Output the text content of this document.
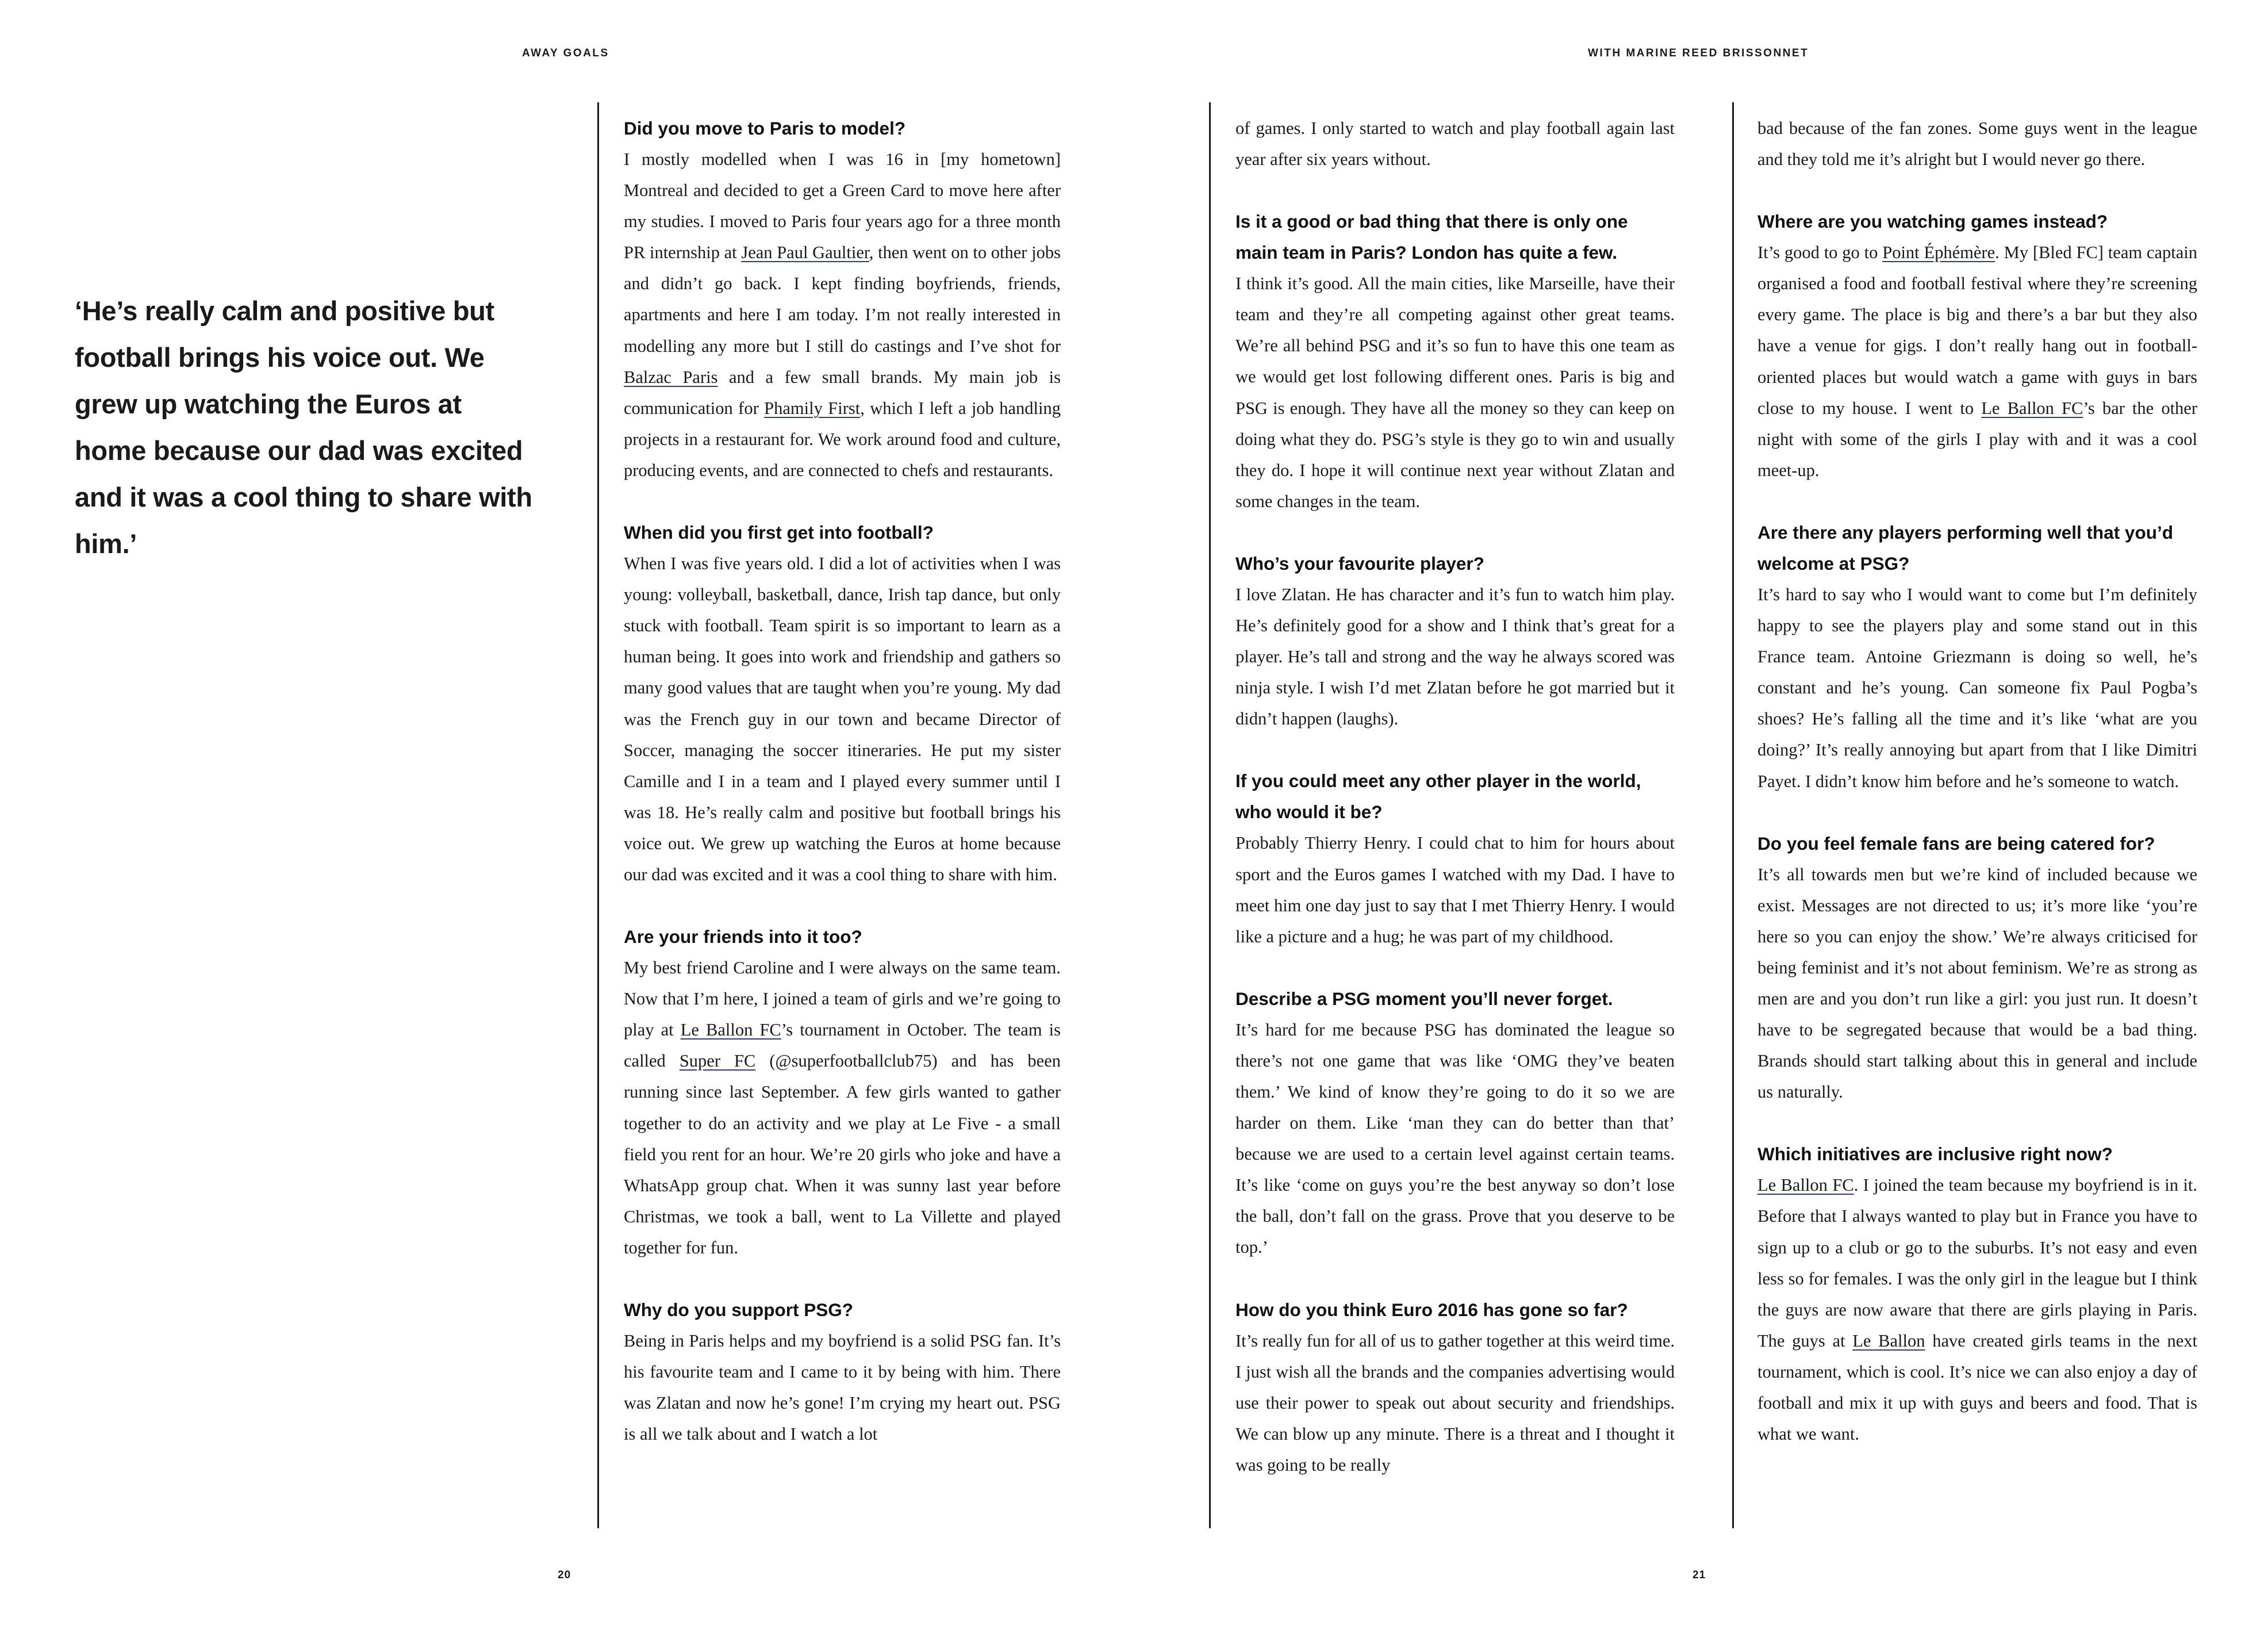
AWAY GOALS
‘He’s really calm and positive but football brings his voice out. We grew up watching the Euros at home because our dad was excited and it was a cool thing to share with him.’
Did you move to Paris to model?
I mostly modelled when I was 16 in [my hometown] Montreal and decided to get a Green Card to move here after my studies. I moved to Paris four years ago for a three month PR internship at Jean Paul Gaultier, then went on to other jobs and didn’t go back. I kept finding boyfriends, friends, apartments and here I am today. I’m not really interested in modelling any more but I still do castings and I’ve shot for Balzac Paris and a few small brands. My main job is communication for Phamily First, which I left a job handling projects in a restaurant for. We work around food and culture, producing events, and are connected to chefs and restaurants.
When did you first get into football?
When I was five years old. I did a lot of activities when I was young: volleyball, basketball, dance, Irish tap dance, but only stuck with football. Team spirit is so important to learn as a human being. It goes into work and friendship and gathers so many good values that are taught when you’re young. My dad was the French guy in our town and became Director of Soccer, managing the soccer itineraries. He put my sister Camille and I in a team and I played every summer until I was 18. He’s really calm and positive but football brings his voice out. We grew up watching the Euros at home because our dad was excited and it was a cool thing to share with him.
Are your friends into it too?
My best friend Caroline and I were always on the same team. Now that I’m here, I joined a team of girls and we’re going to play at Le Ballon FC’s tournament in October. The team is called Super FC (@superfootballclub75) and has been running since last September. A few girls wanted to gather together to do an activity and we play at Le Five - a small field you rent for an hour. We’re 20 girls who joke and have a WhatsApp group chat. When it was sunny last year before Christmas, we took a ball, went to La Villette and played together for fun.
Why do you support PSG?
Being in Paris helps and my boyfriend is a solid PSG fan. It’s his favourite team and I came to it by being with him. There was Zlatan and now he’s gone! I’m crying my heart out. PSG is all we talk about and I watch a lot
20
WITH MARINE REED BRISSONNET
21
of games. I only started to watch and play football again last year after six years without.
Is it a good or bad thing that there is only one main team in Paris? London has quite a few.
I think it’s good. All the main cities, like Marseille, have their team and they’re all competing against other great teams. We’re all behind PSG and it’s so fun to have this one team as we would get lost following different ones. Paris is big and PSG is enough. They have all the money so they can keep on doing what they do. PSG’s style is they go to win and usually they do. I hope it will continue next year without Zlatan and some changes in the team.
Who’s your favourite player?
I love Zlatan. He has character and it’s fun to watch him play. He’s definitely good for a show and I think that’s great for a player. He’s tall and strong and the way he always scored was ninja style. I wish I’d met Zlatan before he got married but it didn’t happen (laughs).
If you could meet any other player in the world, who would it be?
Probably Thierry Henry. I could chat to him for hours about sport and the Euros games I watched with my Dad. I have to meet him one day just to say that I met Thierry Henry. I would like a picture and a hug; he was part of my childhood.
Describe a PSG moment you’ll never forget.
It’s hard for me because PSG has dominated the league so there’s not one game that was like ‘OMG they’ve beaten them.’ We kind of know they’re going to do it so we are harder on them. Like ‘man they can do better than that’ because we are used to a certain level against certain teams. It’s like ‘come on guys you’re the best anyway so don’t lose the ball, don’t fall on the grass. Prove that you deserve to be top.’
How do you think Euro 2016 has gone so far?
It’s really fun for all of us to gather together at this weird time. I just wish all the brands and the companies advertising would use their power to speak out about security and friendships. We can blow up any minute. There is a threat and I thought it was going to be really
bad because of the fan zones. Some guys went in the league and they told me it’s alright but I would never go there.
Where are you watching games instead?
It’s good to go to Point Éphémère. My [Bled FC] team captain organised a food and football festival where they’re screening every game. The place is big and there’s a bar but they also have a venue for gigs. I don’t really hang out in football-oriented places but would watch a game with guys in bars close to my house. I went to Le Ballon FC’s bar the other night with some of the girls I play with and it was a cool meet-up.
Are there any players performing well that you’d welcome at PSG?
It’s hard to say who I would want to come but I’m definitely happy to see the players play and some stand out in this France team. Antoine Griezmann is doing so well, he’s constant and he’s young. Can someone fix Paul Pogba’s shoes? He’s falling all the time and it’s like ‘what are you doing?’ It’s really annoying but apart from that I like Dimitri Payet. I didn’t know him before and he’s someone to watch.
Do you feel female fans are being catered for?
It’s all towards men but we’re kind of included because we exist. Messages are not directed to us; it’s more like ‘you’re here so you can enjoy the show.’ We’re always criticised for being feminist and it’s not about feminism. We’re as strong as men are and you don’t run like a girl: you just run. It doesn’t have to be segregated because that would be a bad thing. Brands should start talking about this in general and include us naturally.
Which initiatives are inclusive right now?
Le Ballon FC. I joined the team because my boyfriend is in it. Before that I always wanted to play but in France you have to sign up to a club or go to the suburbs. It’s not easy and even less so for females. I was the only girl in the league but I think the guys are now aware that there are girls playing in Paris. The guys at Le Ballon have created girls teams in the next tournament, which is cool. It’s nice we can also enjoy a day of football and mix it up with guys and beers and food. That is what we want.
